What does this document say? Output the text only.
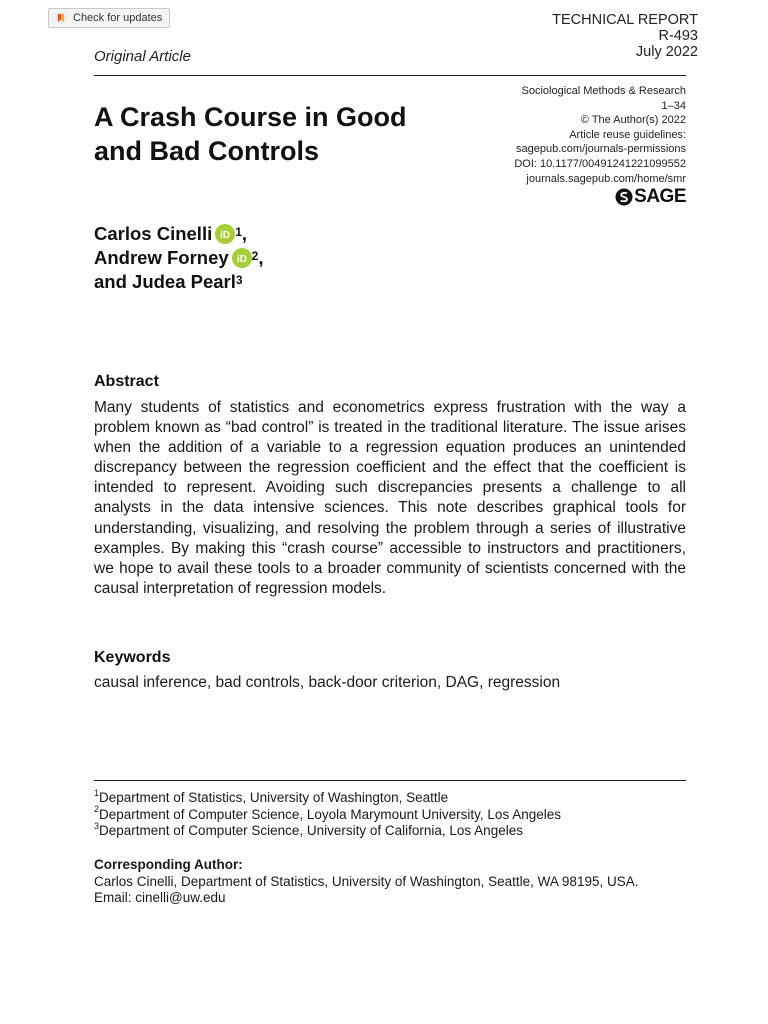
Check for updates	TECHNICAL REPORT
R-493
July 2022
Original Article
A Crash Course in Good
and Bad Controls
Sociological Methods & Research
1–34
© The Author(s) 2022
Article reuse guidelines:
sagepub.com/journals-permissions
DOI: 10.1177/00491241221099552
journals.sagepub.com/home/smr
SAGE
Carlos Cinelli iD $^1$ ,
Andrew Forney iD $^2$ ,
and Judea Pearl$^3$
Abstract
Many students of statistics and econometrics express frustration with the way a problem known as “bad control” is treated in the traditional literature. The issue arises when the addition of a variable to a regression equation produces an unintended discrepancy between the regression coefficient and the effect that the coefficient is intended to represent. Avoiding such discrepancies presents a challenge to all analysts in the data intensive sciences. This note describes graphical tools for understanding, visualizing, and resolving the problem through a series of illustrative examples. By making this “crash course” accessible to instructors and practitioners, we hope to avail these tools to a broader community of scientists concerned with the causal interpretation of regression models.
Keywords
causal inference, bad controls, back-door criterion, DAG, regression
$^1$Department of Statistics, University of Washington, Seattle
$^2$Department of Computer Science, Loyola Marymount University, Los Angeles
$^3$Department of Computer Science, University of California, Los Angeles
Corresponding Author:
Carlos Cinelli, Department of Statistics, University of Washington, Seattle, WA 98195, USA.
Email: cinelli@uw.edu
